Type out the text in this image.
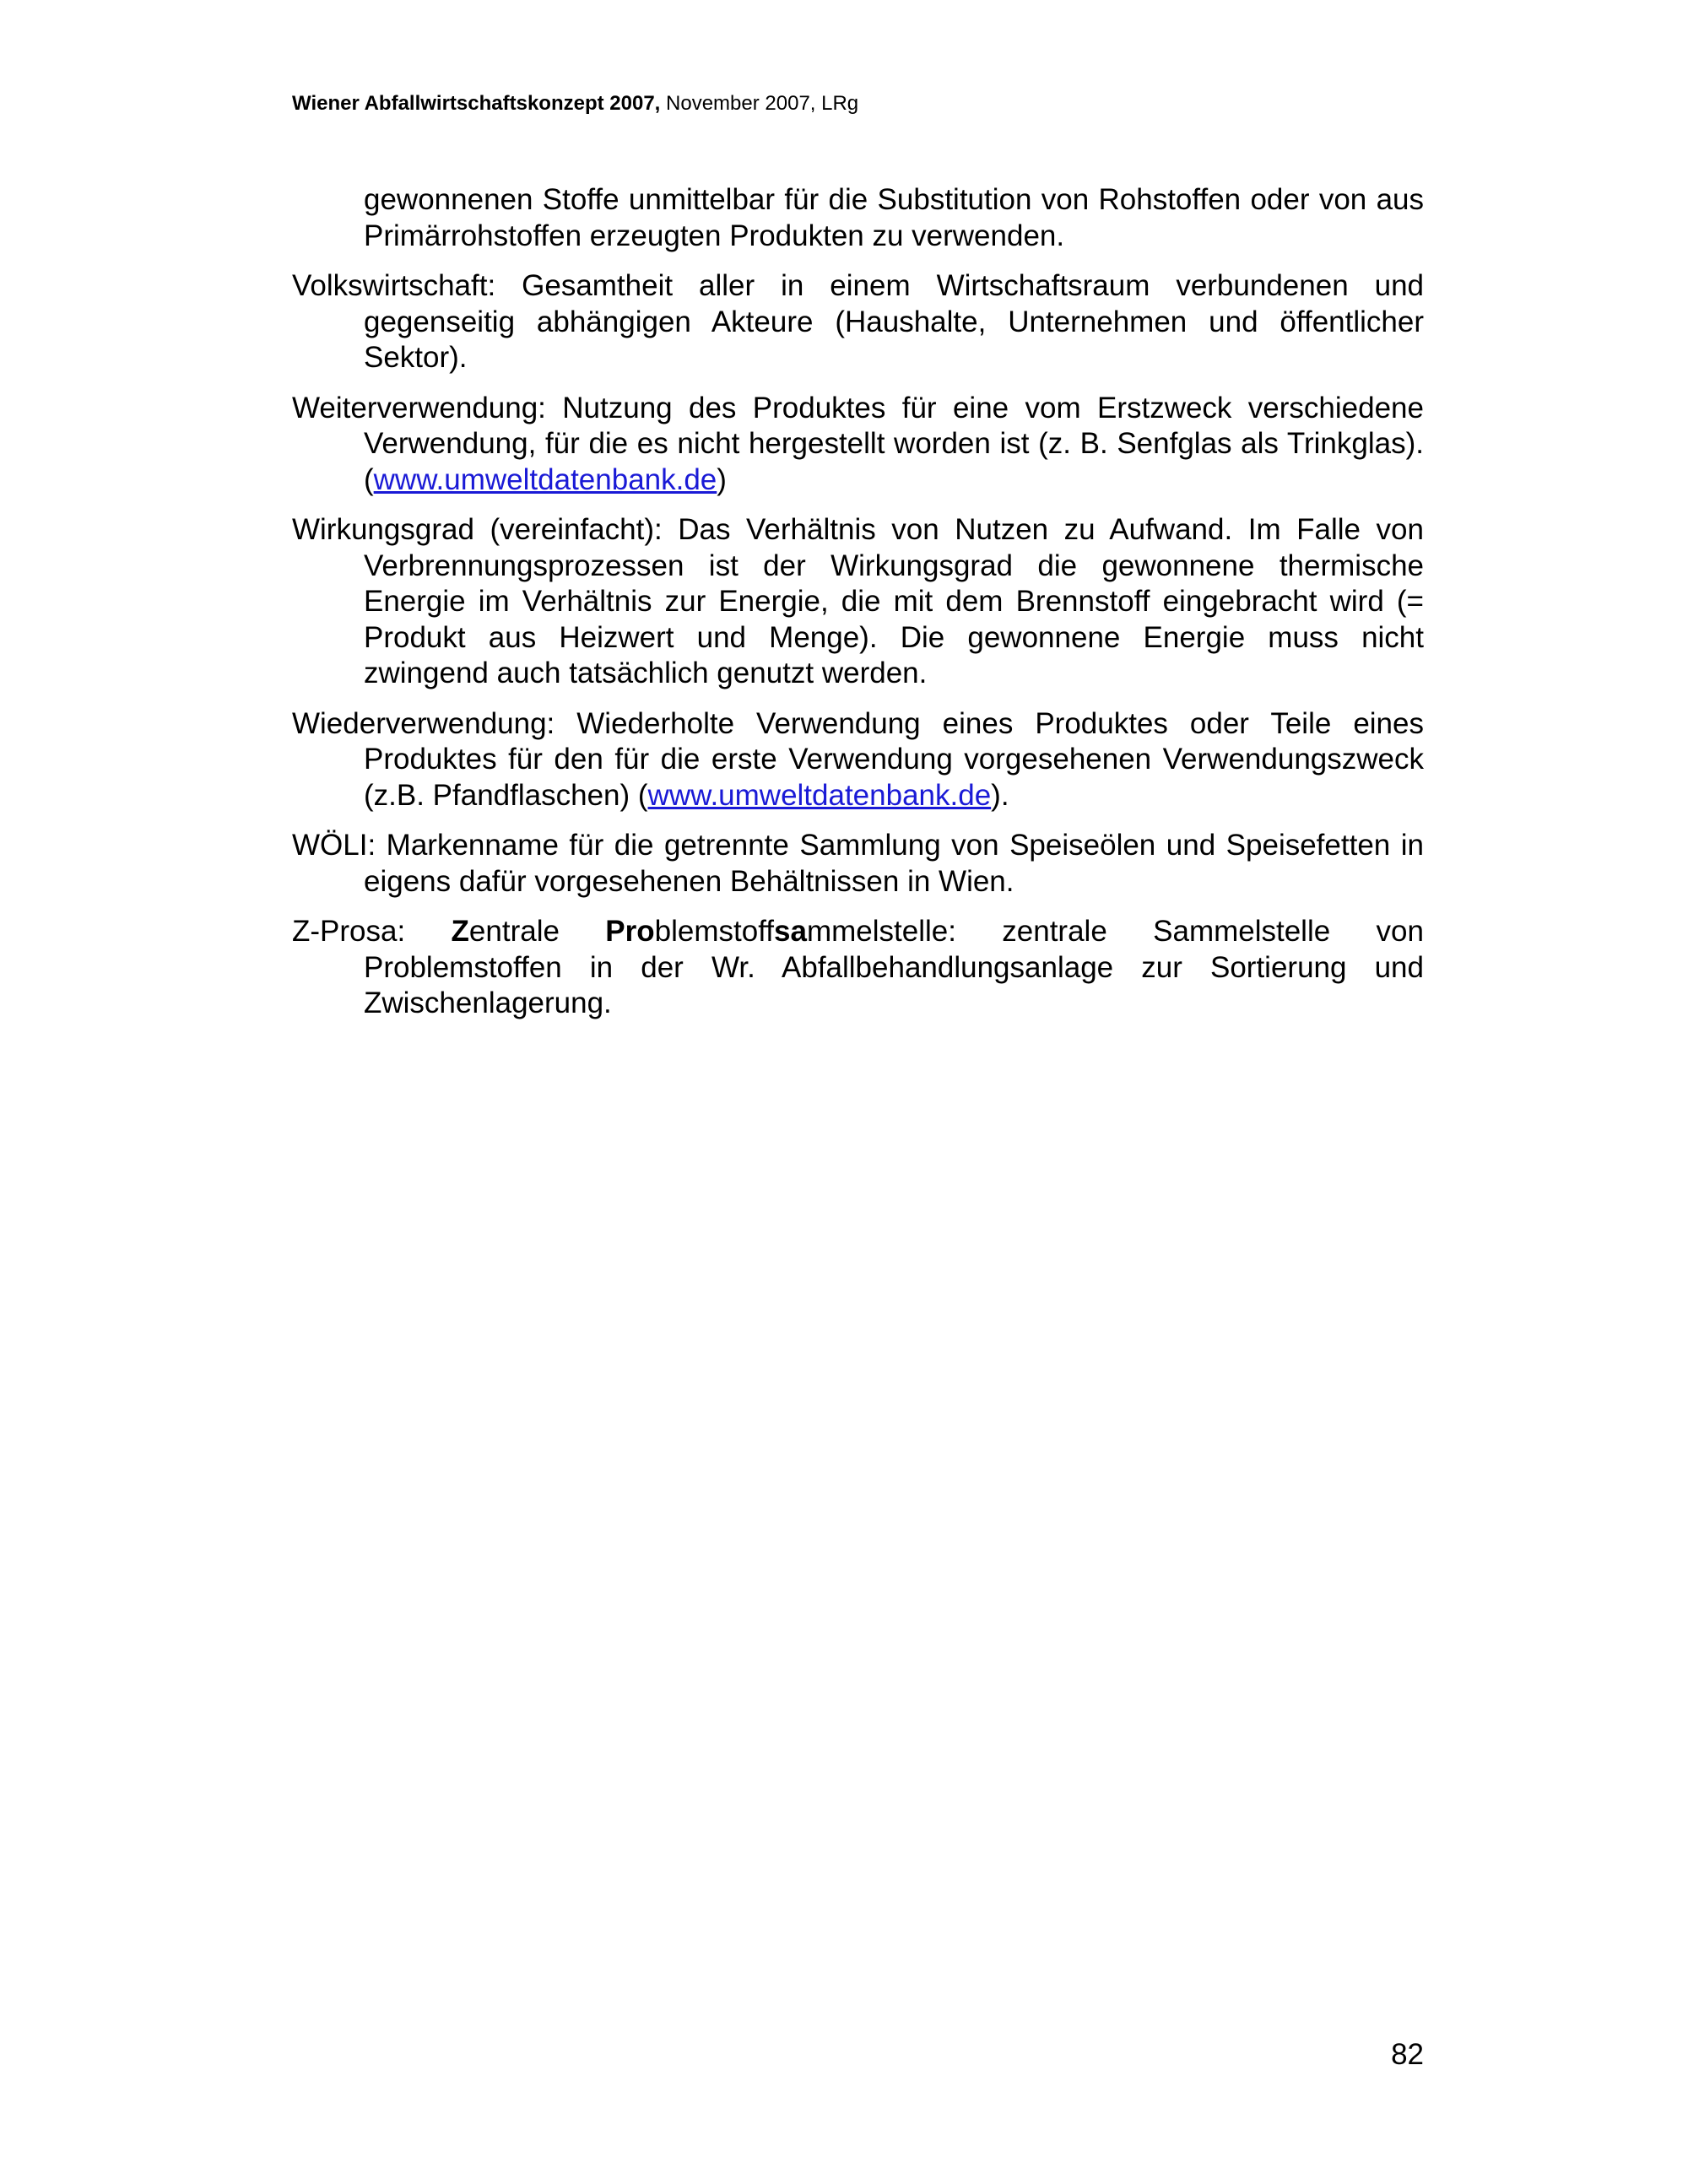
Wiener Abfallwirtschaftskonzept 2007, November 2007, LRg

gewonnenen Stoffe unmittelbar für die Substitution von Rohstoffen oder von aus Primärrohstoffen erzeugten Produkten zu verwenden.

Volkswirtschaft: Gesamtheit aller in einem Wirtschaftsraum verbundenen und gegenseitig abhängigen Akteure (Haushalte, Unternehmen und öffentlicher Sektor).

Weiterverwendung: Nutzung des Produktes für eine vom Erstzweck verschiedene Verwendung, für die es nicht hergestellt worden ist (z. B. Senfglas als Trinkglas). (www.umweltdatenbank.de)

Wirkungsgrad (vereinfacht): Das Verhältnis von Nutzen zu Aufwand. Im Falle von Verbrennungsprozessen ist der Wirkungsgrad die gewonnene thermische Energie im Verhältnis zur Energie, die mit dem Brennstoff eingebracht wird (= Produkt aus Heizwert und Menge). Die gewonnene Energie muss nicht zwingend auch tatsächlich genutzt werden.

Wiederverwendung: Wiederholte Verwendung eines Produktes oder Teile eines Produktes für den für die erste Verwendung vorgesehenen Verwendungszweck (z.B. Pfandflaschen) (www.umweltdatenbank.de).

WÖLI: Markenname für die getrennte Sammlung von Speiseölen und Speisefetten in eigens dafür vorgesehenen Behältnissen in Wien.

Z-Prosa: Zentrale Problemstoffsammelstelle: zentrale Sammelstelle von Problemstoffen in der Wr. Abfallbehandlungsanlage zur Sortierung und Zwischenlagerung.

82
